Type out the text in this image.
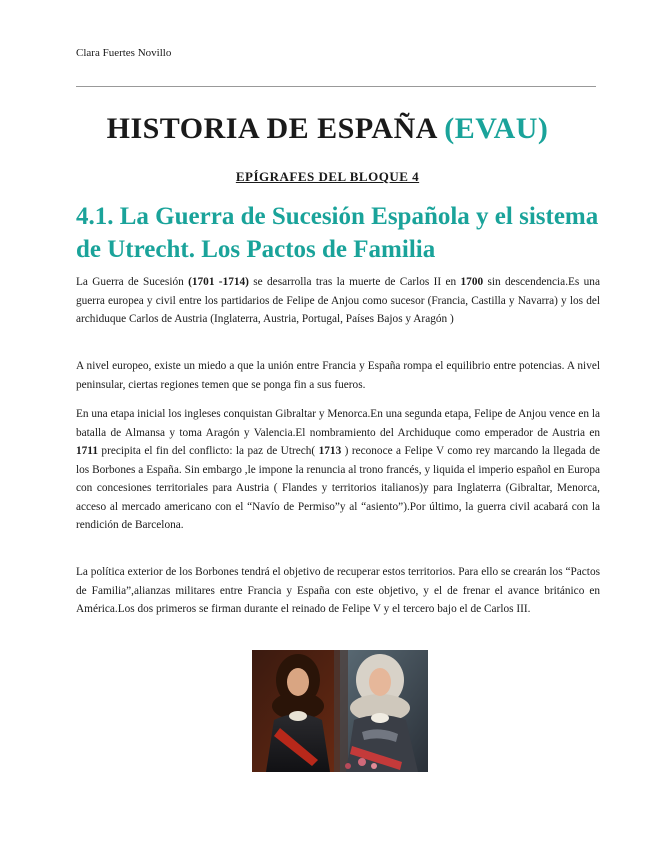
Clara Fuertes Novillo
HISTORIA DE ESPAÑA (EVAU)
EPÍGRAFES DEL BLOQUE 4
4.1. La Guerra de Sucesión Española y el sistema de Utrecht. Los Pactos de Familia

La Guerra de Sucesión (1701 -1714) se desarrolla tras la muerte de Carlos II en 1700 sin descendencia.Es una guerra europea y civil entre los partidarios de Felipe de Anjou como sucesor (Francia, Castilla y Navarra) y los del archiduque Carlos de Austria (Inglaterra, Austria, Portugal, Países Bajos y Aragón )

A nivel europeo, existe un miedo a que la unión entre Francia y España rompa el equilibrio entre potencias. A nivel peninsular, ciertas regiones temen que se ponga fin a sus fueros.

En una etapa inicial los ingleses conquistan Gibraltar y Menorca.En una segunda etapa, Felipe de Anjou vence en la batalla de Almansa y toma Aragón y Valencia.El nombramiento del Archiduque como emperador de Austria en 1711 precipita el fin del conflicto: la paz de Utrech( 1713 ) reconoce a Felipe V como rey marcando la llegada de los Borbones a España. Sin embargo ,le impone la renuncia al trono francés, y liquida el imperio español en Europa con concesiones territoriales para Austria ( Flandes y territorios italianos)y para Inglaterra (Gibraltar, Menorca, acceso al mercado americano con el “Navío de Permiso”y al “asiento”).Por último, la guerra civil acabará con la rendición de Barcelona.

La política exterior de los Borbones tendrá el objetivo de recuperar estos territorios. Para ello se crearán los “Pactos de Familia”,alianzas militares entre Francia y España con este objetivo, y el de frenar el avance británico en América.Los dos primeros se firman durante el reinado de Felipe V y el tercero bajo el de Carlos III.
